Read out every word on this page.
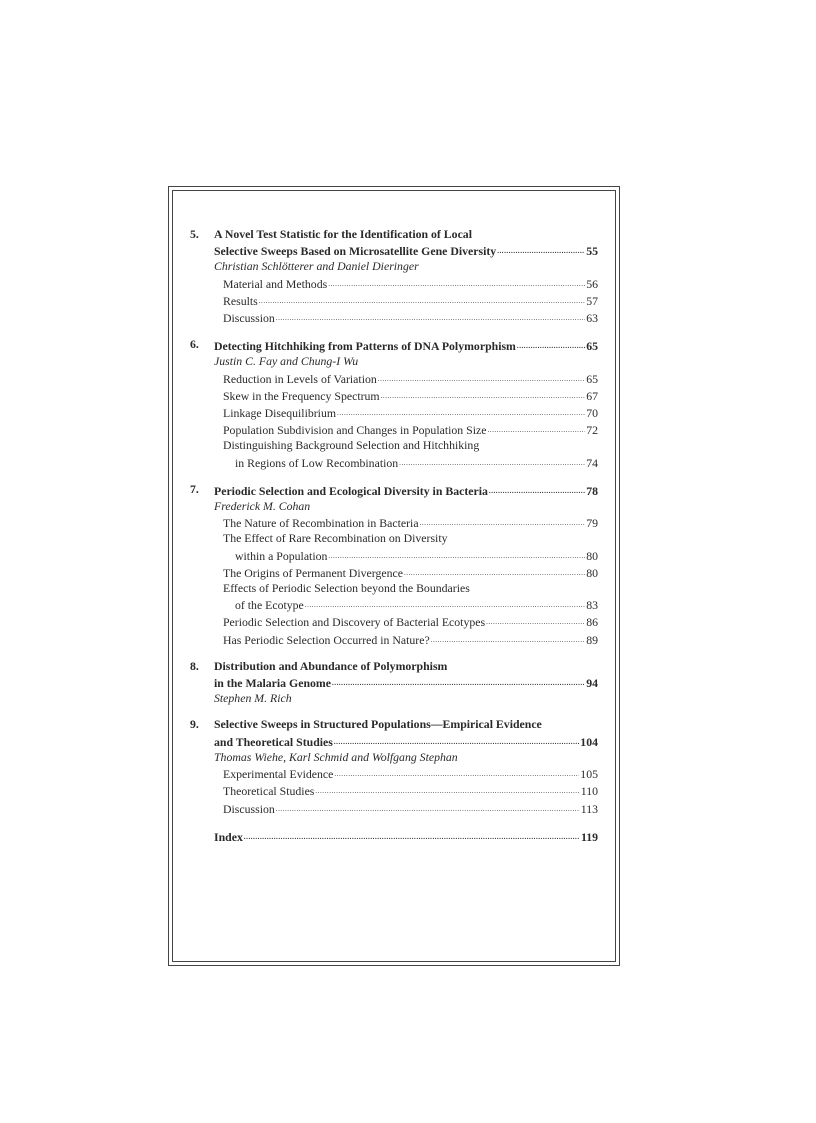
5.	A Novel Test Statistic for the Identification of Local
Selective Sweeps Based on Microsatellite Gene Diversity . . .	55
Christian Schlötterer and Daniel Dieringer
Material and Methods . . .	56
Results . . .	57
Discussion . . .	63
6.	Detecting Hitchhiking from Patterns of DNA Polymorphism . . .	65
Justin C. Fay and Chung-I Wu
Reduction in Levels of Variation . . .	65
Skew in the Frequency Spectrum . . .	67
Linkage Disequilibrium . . .	70
Population Subdivision and Changes in Population Size . . .	72
Distinguishing Background Selection and Hitchhiking
in Regions of Low Recombination . . .	74
7.	Periodic Selection and Ecological Diversity in Bacteria . . .	78
Frederick M. Cohan
The Nature of Recombination in Bacteria . . .	79
The Effect of Rare Recombination on Diversity
within a Population . . .	80
The Origins of Permanent Divergence . . .	80
Effects of Periodic Selection beyond the Boundaries
of the Ecotype . . .	83
Periodic Selection and Discovery of Bacterial Ecotypes . . .	86
Has Periodic Selection Occurred in Nature? . . .	89
8.	Distribution and Abundance of Polymorphism
in the Malaria Genome . . .	94
Stephen M. Rich
9.	Selective Sweeps in Structured Populations—Empirical Evidence
and Theoretical Studies . . .	104
Thomas Wiehe, Karl Schmid and Wolfgang Stephan
Experimental Evidence . . .	105
Theoretical Studies . . .	110
Discussion . . .	113
Index . . .	119
